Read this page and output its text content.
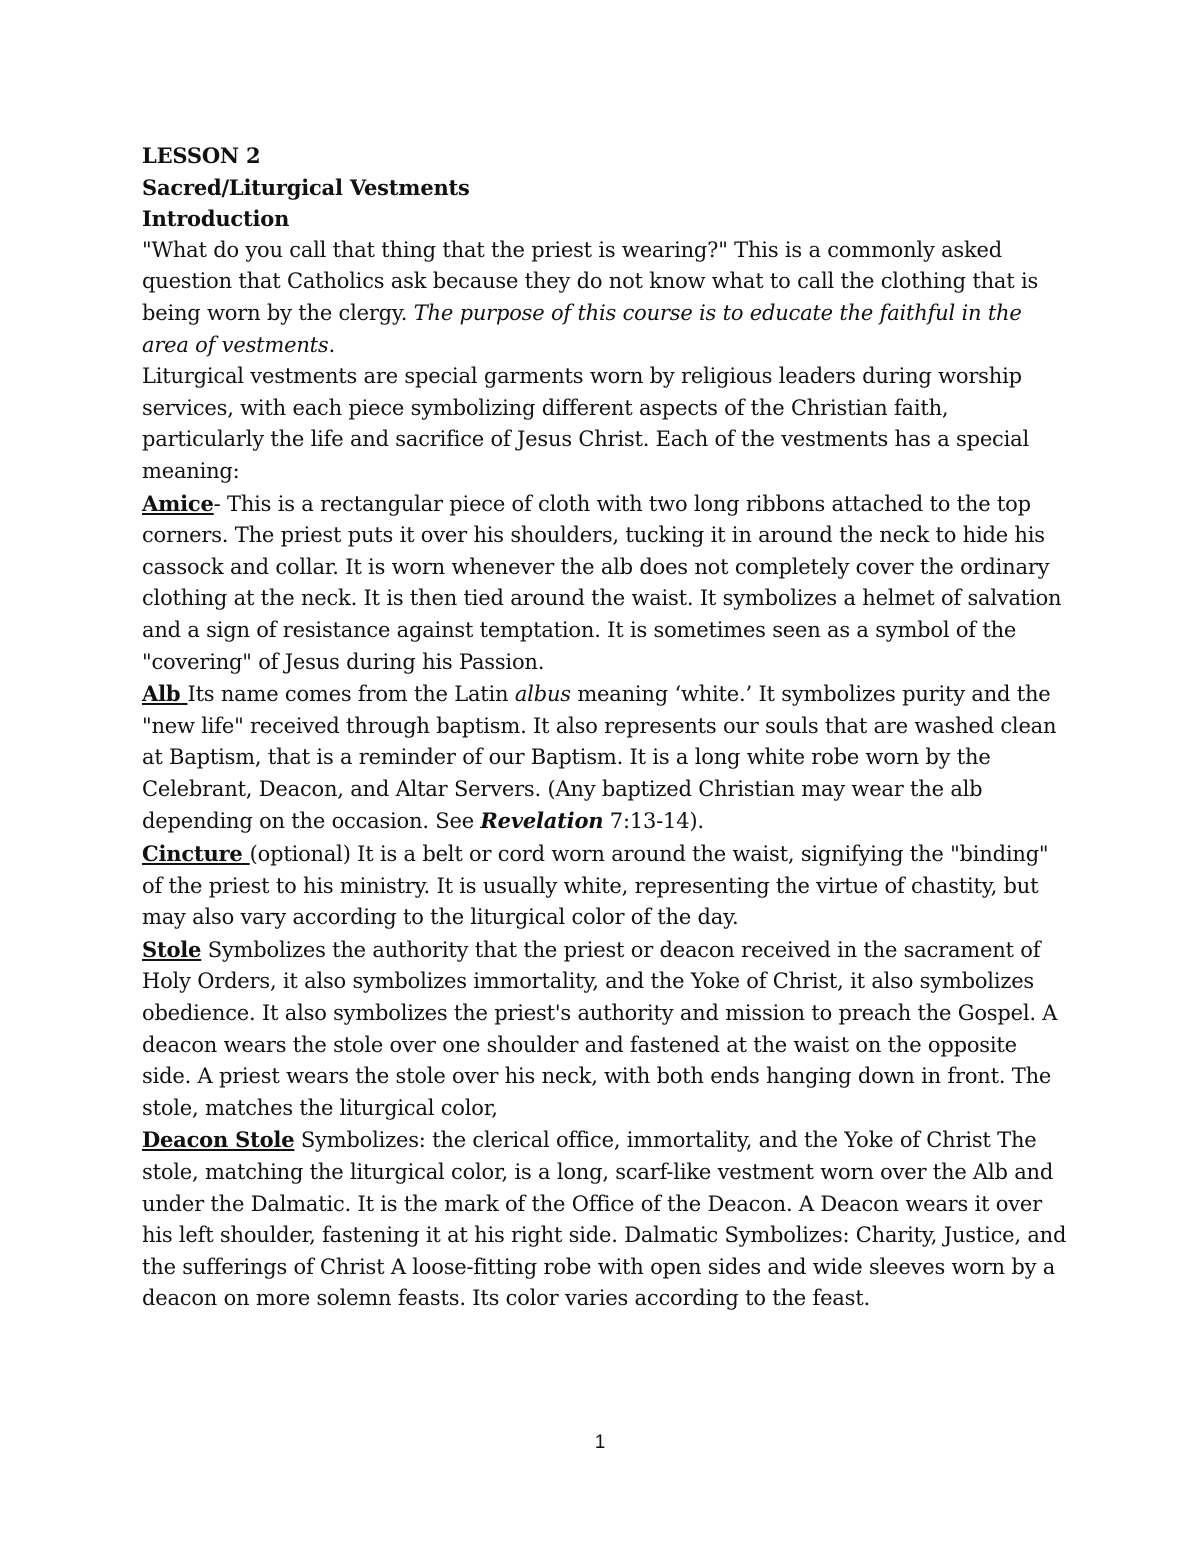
LESSON 2

Sacred/Liturgical Vestments

Introduction

"What do you call that thing that the priest is wearing?" This is a commonly asked question that Catholics ask because they do not know what to call the clothing that is being worn by the clergy. The purpose of this course is to educate the faithful in the area of vestments.

Liturgical vestments are special garments worn by religious leaders during worship services, with each piece symbolizing different aspects of the Christian faith, particularly the life and sacrifice of Jesus Christ. Each of the vestments has a special meaning:

Amice- This is a rectangular piece of cloth with two long ribbons attached to the top corners. The priest puts it over his shoulders, tucking it in around the neck to hide his cassock and collar. It is worn whenever the alb does not completely cover the ordinary clothing at the neck. It is then tied around the waist. It symbolizes a helmet of salvation and a sign of resistance against temptation. It is sometimes seen as a symbol of the "covering" of Jesus during his Passion.

Alb Its name comes from the Latin albus meaning ‘white.’ It symbolizes purity and the "new life" received through baptism. It also represents our souls that are washed clean at Baptism, that is a reminder of our Baptism. It is a long white robe worn by the Celebrant, Deacon, and Altar Servers. (Any baptized Christian may wear the alb depending on the occasion. See Revelation 7:13-14).

Cincture (optional) It is a belt or cord worn around the waist, signifying the "binding" of the priest to his ministry. It is usually white, representing the virtue of chastity, but may also vary according to the liturgical color of the day.

Stole Symbolizes the authority that the priest or deacon received in the sacrament of Holy Orders, it also symbolizes immortality, and the Yoke of Christ, it also symbolizes obedience. It also symbolizes the priest's authority and mission to preach the Gospel. A deacon wears the stole over one shoulder and fastened at the waist on the opposite side. A priest wears the stole over his neck, with both ends hanging down in front. The stole, matches the liturgical color,

Deacon Stole Symbolizes: the clerical office, immortality, and the Yoke of Christ The stole, matching the liturgical color, is a long, scarf-like vestment worn over the Alb and under the Dalmatic. It is the mark of the Office of the Deacon. A Deacon wears it over his left shoulder, fastening it at his right side. Dalmatic Symbolizes: Charity, Justice, and the sufferings of Christ A loose-fitting robe with open sides and wide sleeves worn by a deacon on more solemn feasts. Its color varies according to the feast.

1
